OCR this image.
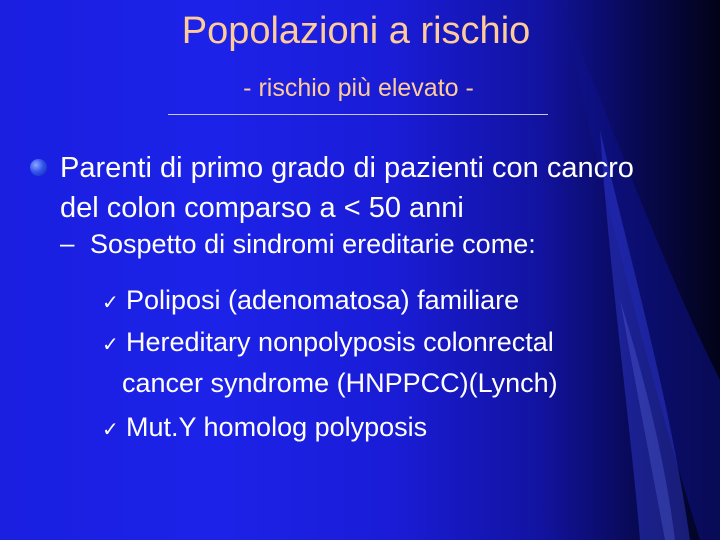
Popolazioni a rischio
- rischio più elevato -
Parenti di primo grado di pazienti con cancro
del colon comparso a < 50 anni
– Sospetto di sindromi ereditarie come:
✓ Poliposi (adenomatosa) familiare
✓ Hereditary nonpolyposis colonrectal
cancer syndrome (HNPPCC)(Lynch)
✓ Mut.Y homolog polyposis
